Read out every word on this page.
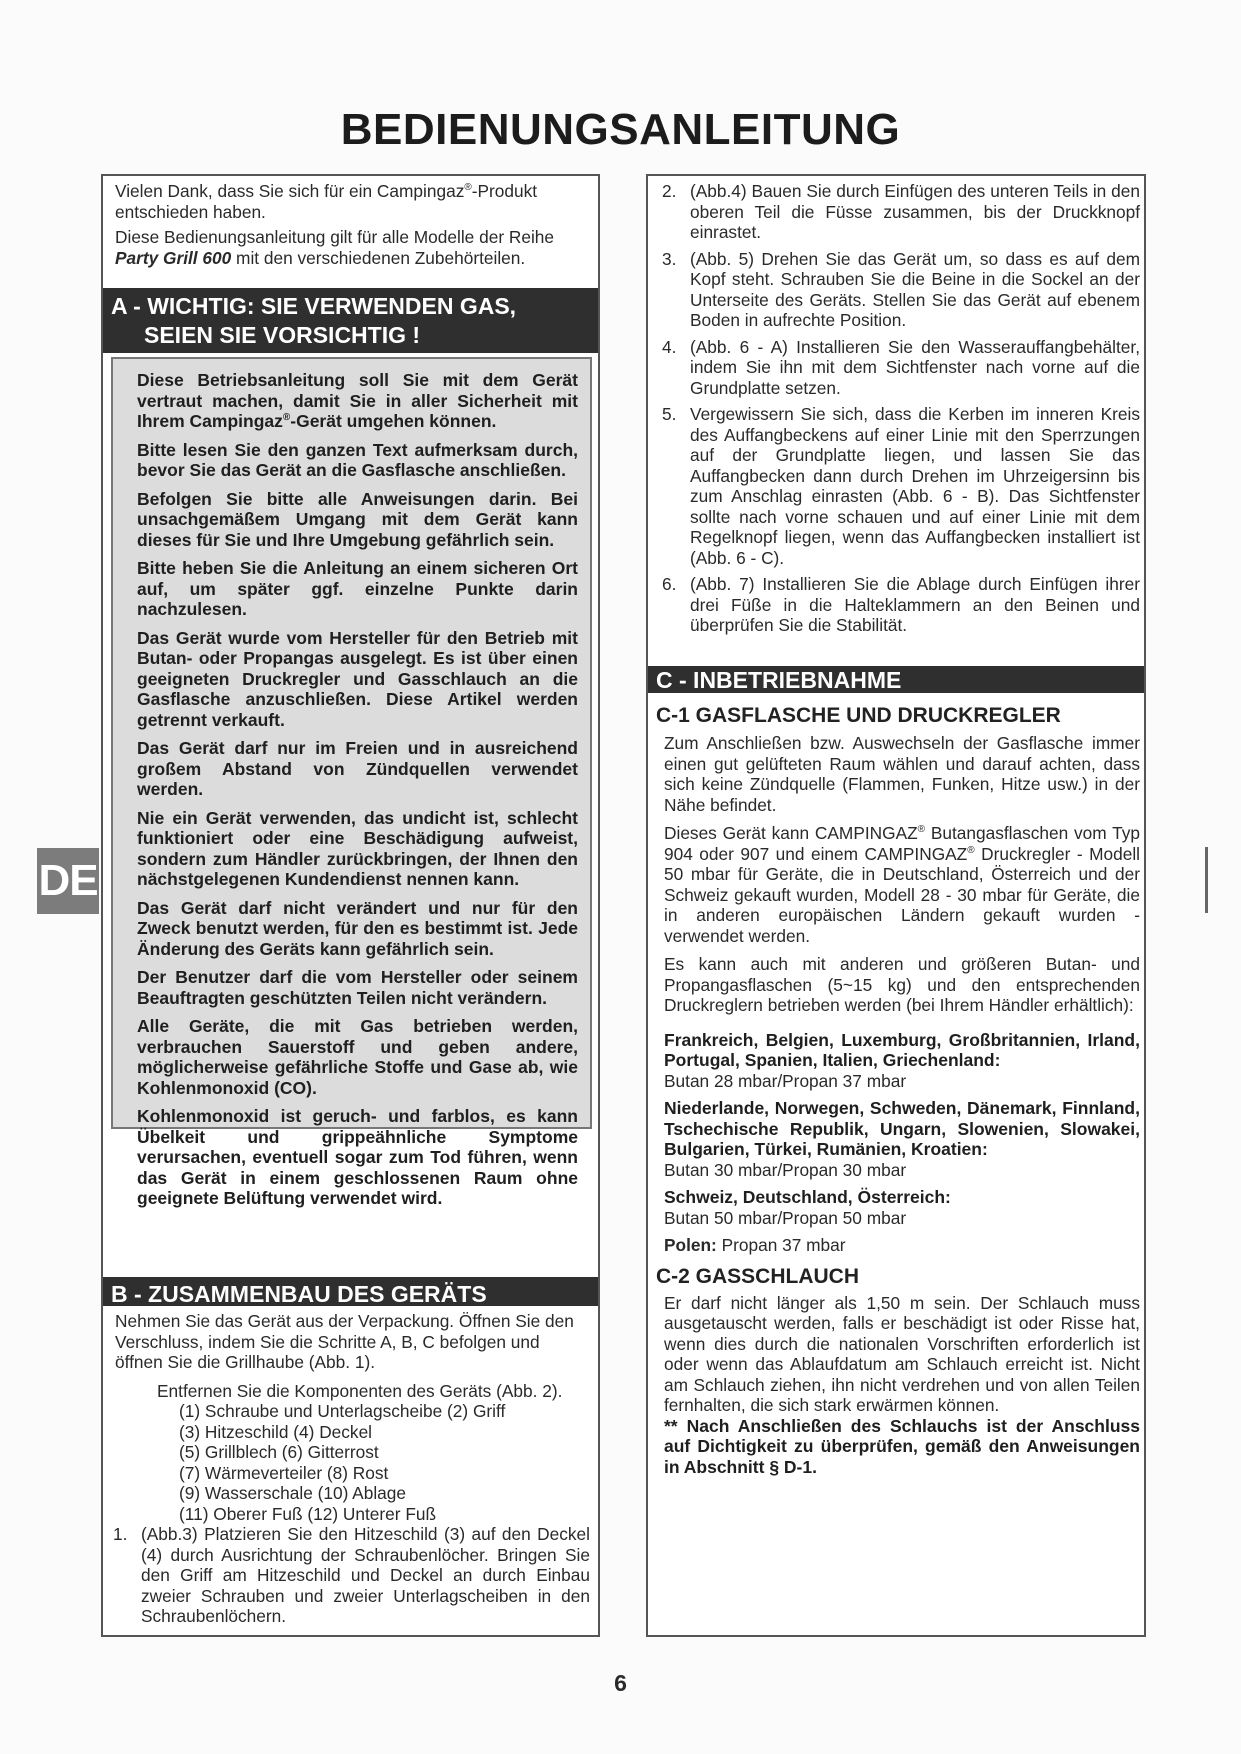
BEDIENUNGSANLEITUNG
DE
Vielen Dank, dass Sie sich für ein Campingaz®-Produkt entschieden haben.
Diese Bedienungsanleitung gilt für alle Modelle der Reihe Party Grill 600 mit den verschiedenen Zubehörteilen.
A - WICHTIG: SIE VERWENDEN GAS,
SEIEN SIE VORSICHTIG !

Diese Betriebsanleitung soll Sie mit dem Gerät vertraut machen, damit Sie in aller Sicherheit mit Ihrem Campingaz®-Gerät umgehen können.

Bitte lesen Sie den ganzen Text aufmerksam durch, bevor Sie das Gerät an die Gasflasche anschließen.

Befolgen Sie bitte alle Anweisungen darin. Bei unsachgemäßem Umgang mit dem Gerät kann dieses für Sie und Ihre Umgebung gefährlich sein.

Bitte heben Sie die Anleitung an einem sicheren Ort auf, um später ggf. einzelne Punkte darin nachzulesen.

Das Gerät wurde vom Hersteller für den Betrieb mit Butan- oder Propangas ausgelegt. Es ist über einen geeigneten Druckregler und Gasschlauch an die Gasflasche anzuschließen. Diese Artikel werden getrennt verkauft.

Das Gerät darf nur im Freien und in ausreichend großem Abstand von Zündquellen verwendet werden.

Nie ein Gerät verwenden, das undicht ist, schlecht funktioniert oder eine Beschädigung aufweist, sondern zum Händler zurückbringen, der Ihnen den nächstgelegenen Kundendienst nennen kann.

Das Gerät darf nicht verändert und nur für den Zweck benutzt werden, für den es bestimmt ist. Jede Änderung des Geräts kann gefährlich sein.

Der Benutzer darf die vom Hersteller oder seinem Beauftragten geschützten Teilen nicht verändern.

Alle Geräte, die mit Gas betrieben werden, verbrauchen Sauerstoff und geben andere, möglicherweise gefährliche Stoffe und Gase ab, wie Kohlenmonoxid (CO).

Kohlenmonoxid ist geruch- und farblos, es kann Übelkeit und grippeähnliche Symptome verursachen, eventuell sogar zum Tod führen, wenn das Gerät in einem geschlossenen Raum ohne geeignete Belüftung verwendet wird.

B - ZUSAMMENBAU DES GERÄTS
Nehmen Sie das Gerät aus der Verpackung. Öffnen Sie den Verschluss, indem Sie die Schritte A, B, C befolgen und öffnen Sie die Grillhaube (Abb. 1).
Entfernen Sie die Komponenten des Geräts (Abb. 2).
(1) Schraube und Unterlagscheibe (2) Griff
(3) Hitzeschild (4) Deckel
(5) Grillblech (6) Gitterrost
(7) Wärmeverteiler (8) Rost
(9) Wasserschale (10) Ablage
(11) Oberer Fuß (12) Unterer Fuß
1. (Abb.3) Platzieren Sie den Hitzeschild (3) auf den Deckel (4) durch Ausrichtung der Schraubenlöcher. Bringen Sie den Griff am Hitzeschild und Deckel an durch Einbau zweier Schrauben und zweier Unterlagscheiben in den Schraubenlöchern.
2. (Abb.4) Bauen Sie durch Einfügen des unteren Teils in den oberen Teil die Füsse zusammen, bis der Druckknopf einrastet.
3. (Abb. 5) Drehen Sie das Gerät um, so dass es auf dem Kopf steht. Schrauben Sie die Beine in die Sockel an der Unterseite des Geräts. Stellen Sie das Gerät auf ebenem Boden in aufrechte Position.
4. (Abb. 6 - A) Installieren Sie den Wasserauffangbehälter, indem Sie ihn mit dem Sichtfenster nach vorne auf die Grundplatte setzen.
5. Vergewissern Sie sich, dass die Kerben im inneren Kreis des Auffangbeckens auf einer Linie mit den Sperrzungen auf der Grundplatte liegen, und lassen Sie das Auffangbecken dann durch Drehen im Uhrzeigersinn bis zum Anschlag einrasten (Abb. 6 - B). Das Sichtfenster sollte nach vorne schauen und auf einer Linie mit dem Regelknopf liegen, wenn das Auffangbecken installiert ist (Abb. 6 - C).
6. (Abb. 7) Installieren Sie die Ablage durch Einfügen ihrer drei Füße in die Halteklammern an den Beinen und überprüfen Sie die Stabilität.
C - INBETRIEBNAHME
C-1 GASFLASCHE UND DRUCKREGLER
Zum Anschließen bzw. Auswechseln der Gasflasche immer einen gut gelüfteten Raum wählen und darauf achten, dass sich keine Zündquelle (Flammen, Funken, Hitze usw.) in der Nähe befindet.
Dieses Gerät kann CAMPINGAZ® Butangasflaschen vom Typ 904 oder 907 und einem CAMPINGAZ® Druckregler - Modell 50 mbar für Geräte, die in Deutschland, Österreich und der Schweiz gekauft wurden, Modell 28 - 30 mbar für Geräte, die in anderen europäischen Ländern gekauft wurden - verwendet werden.
Es kann auch mit anderen und größeren Butan- und Propangasflaschen (5~15 kg) und den entsprechenden Druckreglern betrieben werden (bei Ihrem Händler erhältlich):
Frankreich, Belgien, Luxemburg, Großbritannien, Irland, Portugal, Spanien, Italien, Griechenland:
Butan 28 mbar/Propan 37 mbar
Niederlande, Norwegen, Schweden, Dänemark, Finnland, Tschechische Republik, Ungarn, Slowenien, Slowakei, Bulgarien, Türkei, Rumänien, Kroatien:
Butan 30 mbar/Propan 30 mbar
Schweiz, Deutschland, Österreich:
Butan 50 mbar/Propan 50 mbar
Polen: Propan 37 mbar
C-2 GASSCHLAUCH
Er darf nicht länger als 1,50 m sein. Der Schlauch muss ausgetauscht werden, falls er beschädigt ist oder Risse hat, wenn dies durch die nationalen Vorschriften erforderlich ist oder wenn das Ablaufdatum am Schlauch erreicht ist. Nicht am Schlauch ziehen, ihn nicht verdrehen und von allen Teilen fernhalten, die sich stark erwärmen können.
** Nach Anschließen des Schlauchs ist der Anschluss auf Dichtigkeit zu überprüfen, gemäß den Anweisungen in Abschnitt § D-1.
6
